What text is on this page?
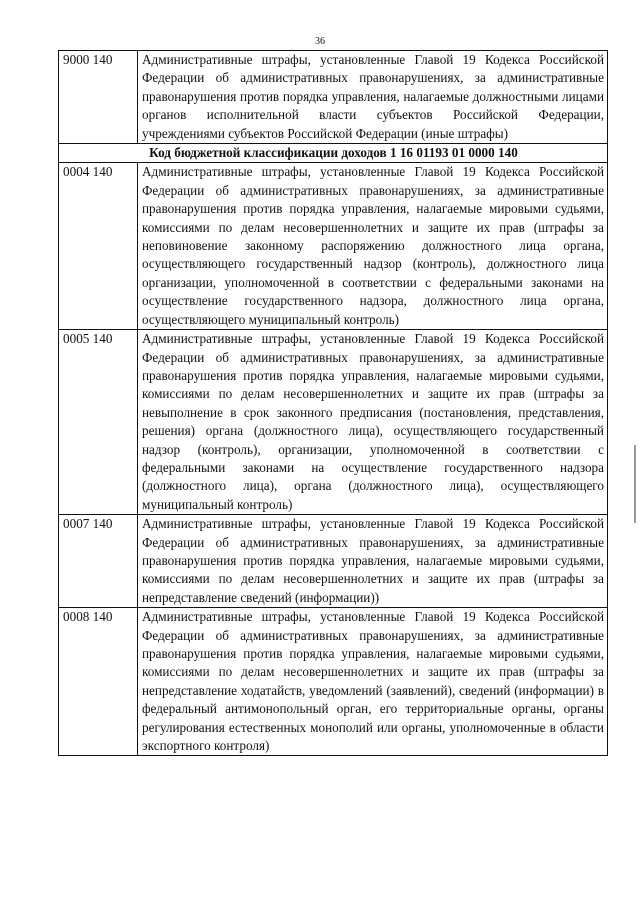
36
9000 140	Административные штрафы, установленные Главой 19 Кодекса Российской Федерации об административных правонарушениях, за административные правонарушения против порядка управления, налагаемые должностными лицами органов исполнительной власти субъектов Российской Федерации, учреждениями субъектов Российской Федерации (иные штрафы)
Код бюджетной классификации доходов 1 16 01193 01 0000 140	
0004 140	Административные штрафы, установленные Главой 19 Кодекса Российской Федерации об административных правонарушениях, за административные правонарушения против порядка управления, налагаемые мировыми судьями, комиссиями по делам несовершеннолетних и защите их прав (штрафы за неповиновение законному распоряжению должностного лица органа, осуществляющего государственный надзор (контроль), должностного лица организации, уполномоченной в соответствии с федеральными законами на осуществление государственного надзора, должностного лица органа, осуществляющего муниципальный контроль)
0005 140	Административные штрафы, установленные Главой 19 Кодекса Российской Федерации об административных правонарушениях, за административные правонарушения против порядка управления, налагаемые мировыми судьями, комиссиями по делам несовершеннолетних и защите их прав (штрафы за невыполнение в срок законного предписания (постановления, представления, решения) органа (должностного лица), осуществляющего государственный надзор (контроль), организации, уполномоченной в соответствии с федеральными законами на осуществление государственного надзора (должностного лица), органа (должностного лица), осуществляющего муниципальный контроль)
0007 140	Административные штрафы, установленные Главой 19 Кодекса Российской Федерации об административных правонарушениях, за административные правонарушения против порядка управления, налагаемые мировыми судьями, комиссиями по делам несовершеннолетних и защите их прав (штрафы за непредставление сведений (информации))
0008 140	Административные штрафы, установленные Главой 19 Кодекса Российской Федерации об административных правонарушениях, за административные правонарушения против порядка управления, налагаемые мировыми судьями, комиссиями по делам несовершеннолетних и защите их прав (штрафы за непредставление ходатайств, уведомлений (заявлений), сведений (информации) в федеральный антимонопольный орган, его территориальные органы, органы регулирования естественных монополий или органы, уполномоченные в области экспортного контроля)
